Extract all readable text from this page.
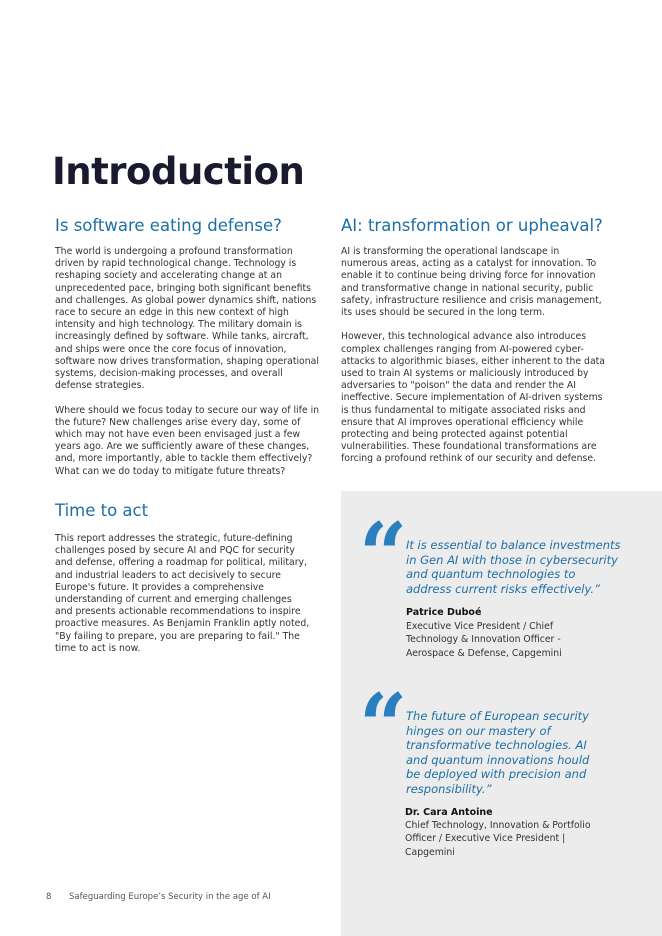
Introduction
Is software eating defense?

The world is undergoing a profound transformation driven by rapid technological change. Technology is reshaping society and accelerating change at an unprecedented pace, bringing both significant benefits and challenges. As global power dynamics shift, nations race to secure an edge in this new context of high intensity and high technology. The military domain is increasingly defined by software. While tanks, aircraft, and ships were once the core focus of innovation, software now drives transformation, shaping operational systems, decision-making processes, and overall defense strategies.

Where should we focus today to secure our way of life in the future? New challenges arise every day, some of which may not have even been envisaged just a few years ago. Are we sufficiently aware of these changes, and, more importantly, able to tackle them effectively? What can we do today to mitigate future threats?

AI: transformation or upheaval?

AI is transforming the operational landscape in numerous areas, acting as a catalyst for innovation. To enable it to continue being driving force for innovation and transformative change in national security, public safety, infrastructure resilience and crisis management, its uses should be secured in the long term.

However, this technological advance also introduces complex challenges ranging from AI-powered cyber-attacks to algorithmic biases, either inherent to the data used to train AI systems or maliciously introduced by adversaries to "poison" the data and render the AI ineffective. Secure implementation of AI-driven systems is thus fundamental to mitigate associated risks and ensure that AI improves operational efficiency while protecting and being protected against potential vulnerabilities. These foundational transformations are forcing a profound rethink of our security and defense.

Time to act

This report addresses the strategic, future-defining challenges posed by secure AI and PQC for security and defense, offering a roadmap for political, military, and industrial leaders to act decisively to secure Europe's future. It provides a comprehensive understanding of current and emerging challenges and presents actionable recommendations to inspire proactive measures. As Benjamin Franklin aptly noted, "By failing to prepare, you are preparing to fail." The time to act is now.

“

It is essential to balance investments in Gen AI with those in cybersecurity and quantum technologies to address current risks effectively.”

Patrice Duboé

Executive Vice President / Chief Technology & Innovation Officer - Aerospace & Defense, Capgemini

“

The future of European security hinges on our mastery of transformative technologies. AI and quantum innovations hould be deployed with precision and responsibility.”

Dr. Cara Antoine

Chief Technology, Innovation & Portfolio Officer / Executive Vice President | Capgemini

8 Safeguarding Europe’s Security in the age of AI
